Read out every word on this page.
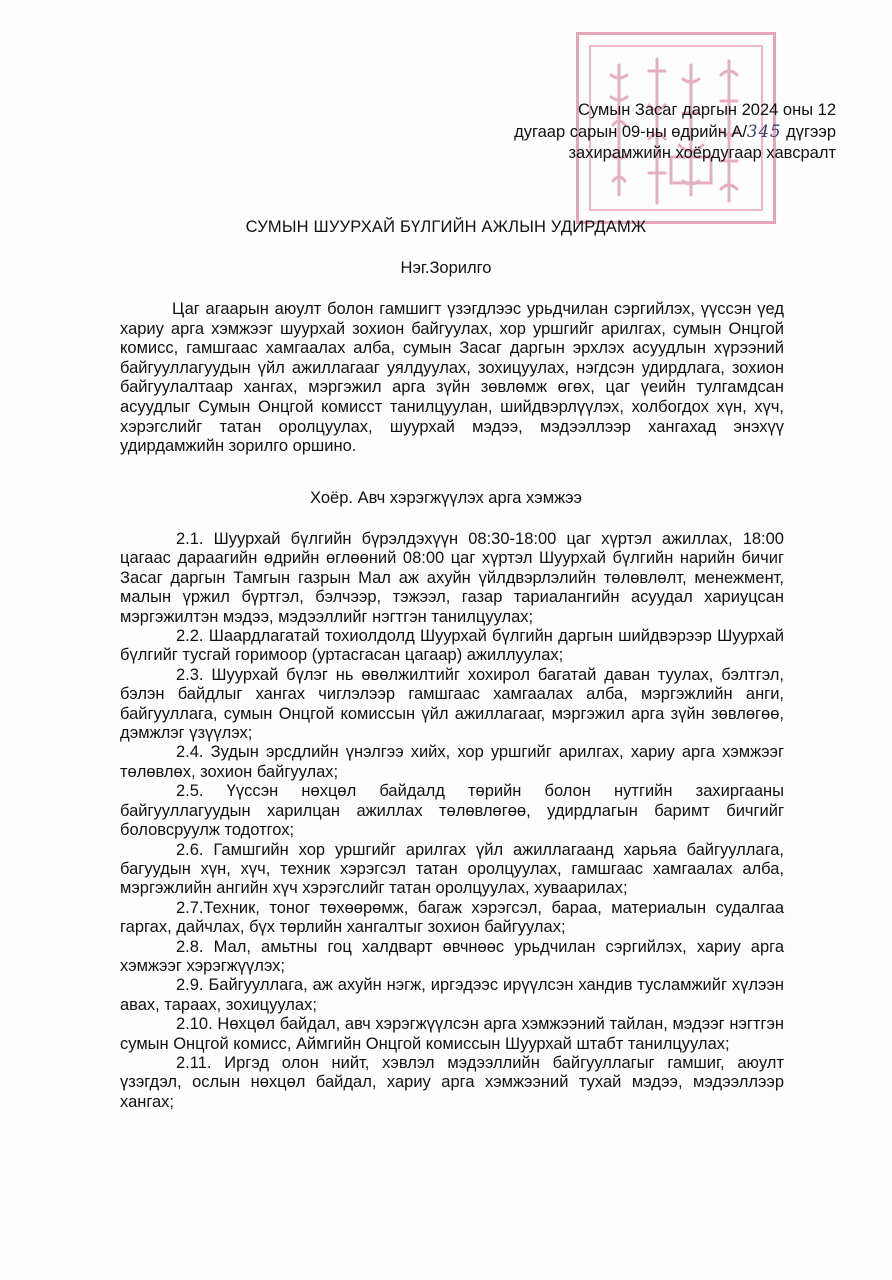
Сумын Засаг даргын 2024 оны 12
дугаар сарын 09-ны өдрийн А/345 дүгээр
захирамжийн хоёрдугаар хавсралт
СУМЫН ШУУРХАЙ БҮЛГИЙН АЖЛЫН УДИРДАМЖ
Нэг.Зорилго

Цаг агаарын аюулт болон гамшигт үзэгдлээс урьдчилан сэргийлэх, үүссэн үед хариу арга хэмжээг шуурхай зохион байгуулах, хор уршгийг арилгах, сумын Онцгой комисс, гамшгаас хамгаалах алба, сумын Засаг даргын эрхлэх асуудлын хүрээний байгууллагуудын үйл ажиллагааг уялдуулах, зохицуулах, нэгдсэн удирдлага, зохион байгуулалтаар хангах, мэргэжил арга зүйн зөвлөмж өгөх, цаг үеийн тулгамдсан асуудлыг Сумын Онцгой комисст танилцуулан, шийдвэрлүүлэх, холбогдох хүн, хүч, хэрэгслийг татан оролцуулах, шуурхай мэдээ, мэдээллээр хангахад энэхүү удирдамжийн зорилго оршино.

Хоёр. Авч хэрэгжүүлэх арга хэмжээ

2.1. Шуурхай бүлгийн бүрэлдэхүүн 08:30-18:00 цаг хүртэл ажиллах, 18:00 цагаас дараагийн өдрийн өглөөний 08:00 цаг хүртэл Шуурхай бүлгийн нарийн бичиг Засаг даргын Тамгын газрын Мал аж ахуйн үйлдвэрлэлийн төлөвлөлт, менежмент, малын үржил бүртгэл, бэлчээр, тэжээл, газар тариалангийн асуудал хариуцсан мэргэжилтэн мэдээ, мэдээллийг нэгтгэн танилцуулах;

2.2. Шаардлагатай тохиолдолд Шуурхай бүлгийн даргын шийдвэрээр Шуурхай бүлгийг тусгай горимоор (уртасгасан цагаар) ажиллуулах;

2.3. Шуурхай бүлэг нь өвөлжилтийг хохирол багатай даван туулах, бэлтгэл, бэлэн байдлыг хангах чиглэлээр гамшгаас хамгаалах алба, мэргэжлийн анги, байгууллага, сумын Онцгой комиссын үйл ажиллагааг, мэргэжил арга зүйн зөвлөгөө, дэмжлэг үзүүлэх;

2.4. Зудын эрсдлийн үнэлгээ хийх, хор уршгийг арилгах, хариу арга хэмжээг төлөвлөх, зохион байгуулах;

2.5. Үүссэн нөхцөл байдалд төрийн болон нутгийн захиргааны байгууллагуудын харилцан ажиллах төлөвлөгөө, удирдлагын баримт бичгийг боловсруулж тодотгох;

2.6. Гамшгийн хор уршгийг арилгах үйл ажиллагаанд харьяа байгууллага, багуудын хүн, хүч, техник хэрэгсэл татан оролцуулах, гамшгаас хамгаалах алба, мэргэжлийн ангийн хүч хэрэгслийг татан оролцуулах, хуваарилах;

2.7.Техник, тоног төхөөрөмж, багаж хэрэгсэл, бараа, материалын судалгаа гаргах, дайчлах, бүх төрлийн хангалтыг зохион байгуулах;

2.8. Мал, амьтны гоц халдварт өвчнөөс урьдчилан сэргийлэх, хариу арга хэмжээг хэрэгжүүлэх;

2.9. Байгууллага, аж ахуйн нэгж, иргэдээс ирүүлсэн хандив тусламжийг хүлээн авах, тараах, зохицуулах;

2.10. Нөхцөл байдал, авч хэрэгжүүлсэн арга хэмжээний тайлан, мэдээг нэгтгэн сумын Онцгой комисс, Аймгийн Онцгой комиссын Шуурхай штабт танилцуулах;

2.11. Иргэд олон нийт, хэвлэл мэдээллийн байгууллагыг гамшиг, аюулт үзэгдэл, ослын нөхцөл байдал, хариу арга хэмжээний тухай мэдээ, мэдээллээр хангах;
